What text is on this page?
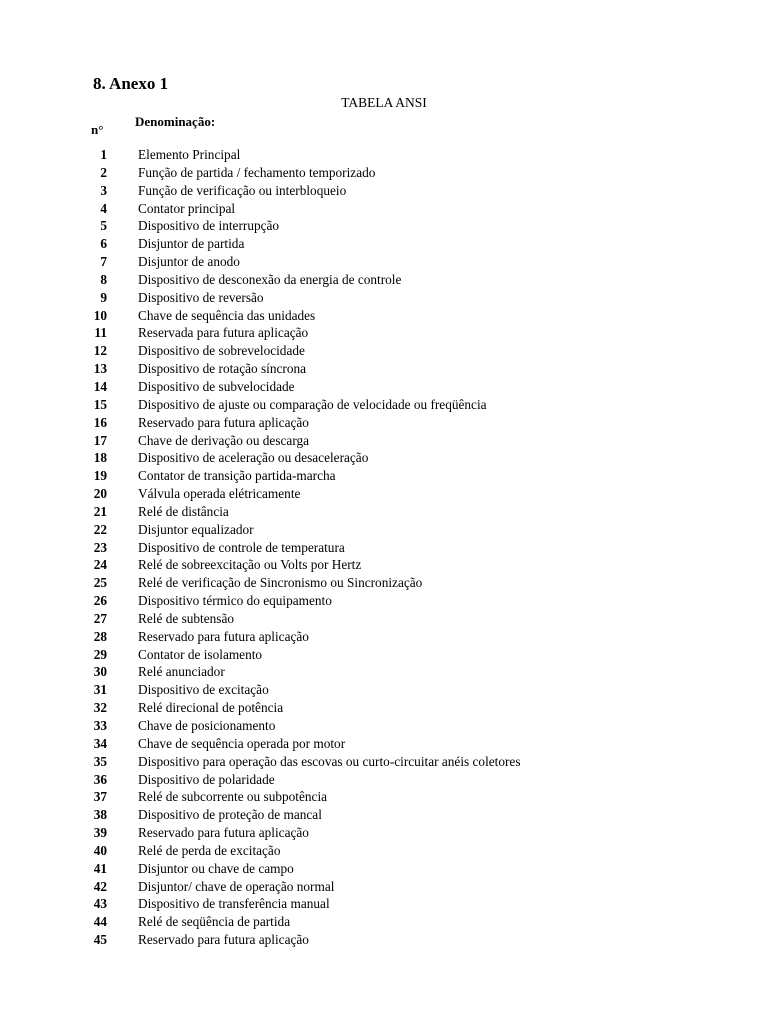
8. Anexo 1
TABELA ANSI
n°
Denominação:
1 Elemento Principal
2 Função de partida / fechamento temporizado
3 Função de verificação ou interbloqueio
4 Contator principal
5 Dispositivo de interrupção
6 Disjuntor de partida
7 Disjuntor de anodo
8 Dispositivo de desconexão da energia de controle
9 Dispositivo de reversão
10 Chave de sequência das unidades
11 Reservada para futura aplicação
12 Dispositivo de sobrevelocidade
13 Dispositivo de rotação síncrona
14 Dispositivo de subvelocidade
15 Dispositivo de ajuste ou comparação de velocidade ou freqüência
16 Reservado para futura aplicação
17 Chave de derivação ou descarga
18 Dispositivo de aceleração ou desaceleração
19 Contator de transição partida-marcha
20 Válvula operada elétricamente
21 Relé de distância
22 Disjuntor equalizador
23 Dispositivo de controle de temperatura
24 Relé de sobreexcitação ou Volts por Hertz
25 Relé de verificação de Sincronismo ou Sincronização
26 Dispositivo térmico do equipamento
27 Relé de subtensão
28 Reservado para futura aplicação
29 Contator de isolamento
30 Relé anunciador
31 Dispositivo de excitação
32 Relé direcional de potência
33 Chave de posicionamento
34 Chave de sequência operada por motor
35 Dispositivo para operação das escovas ou curto-circuitar anéis coletores
36 Dispositivo de polaridade
37 Relé de subcorrente ou subpotência
38 Dispositivo de proteção de mancal
39 Reservado para futura aplicação
40 Relé de perda de excitação
41 Disjuntor ou chave de campo
42 Disjuntor/ chave de operação normal
43 Dispositivo de transferência manual
44 Relé de seqüência de partida
45 Reservado para futura aplicação
